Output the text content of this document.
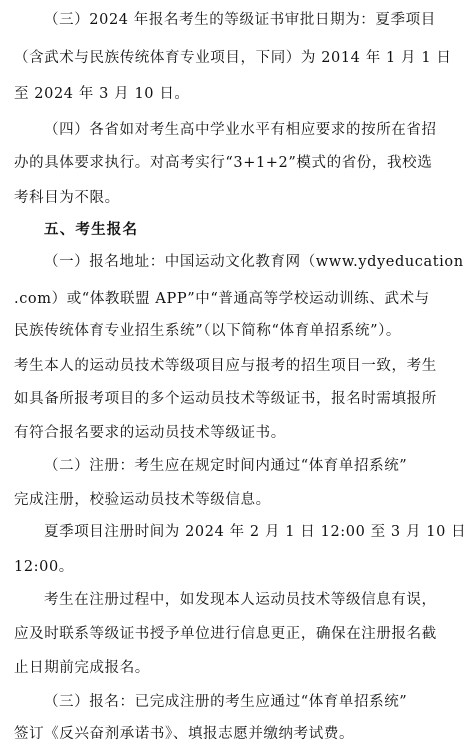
（三）2024 年报名考生的等级证书审批日期为：夏季项目
（含武术与民族传统体育专业项目，下同）为 2014 年 1 月 1 日
至 2024 年 3 月 10 日。
（四）各省如对考生高中学业水平有相应要求的按所在省招
办的具体要求执行。对高考实行“3+1+2”模式的省份，我校选
考科目为不限。
五、考生报名
（一）报名地址：中国运动文化教育网（www.ydyeducation
.com）或“体教联盟 APP”中“普通高等学校运动训练、武术与
民族传统体育专业招生系统”（以下简称“体育单招系统”）。
考生本人的运动员技术等级项目应与报考的招生项目一致，考生
如具备所报考项目的多个运动员技术等级证书，报名时需填报所
有符合报名要求的运动员技术等级证书。
（二）注册：考生应在规定时间内通过“体育单招系统”
完成注册，校验运动员技术等级信息。
夏季项目注册时间为 2024 年 2 月 1 日 12:00 至 3 月 10 日
12:00。
考生在注册过程中，如发现本人运动员技术等级信息有误，
应及时联系等级证书授予单位进行信息更正，确保在注册报名截
止日期前完成报名。
（三）报名：已完成注册的考生应通过“体育单招系统”
签订《反兴奋剂承诺书》、填报志愿并缴纳考试费。
